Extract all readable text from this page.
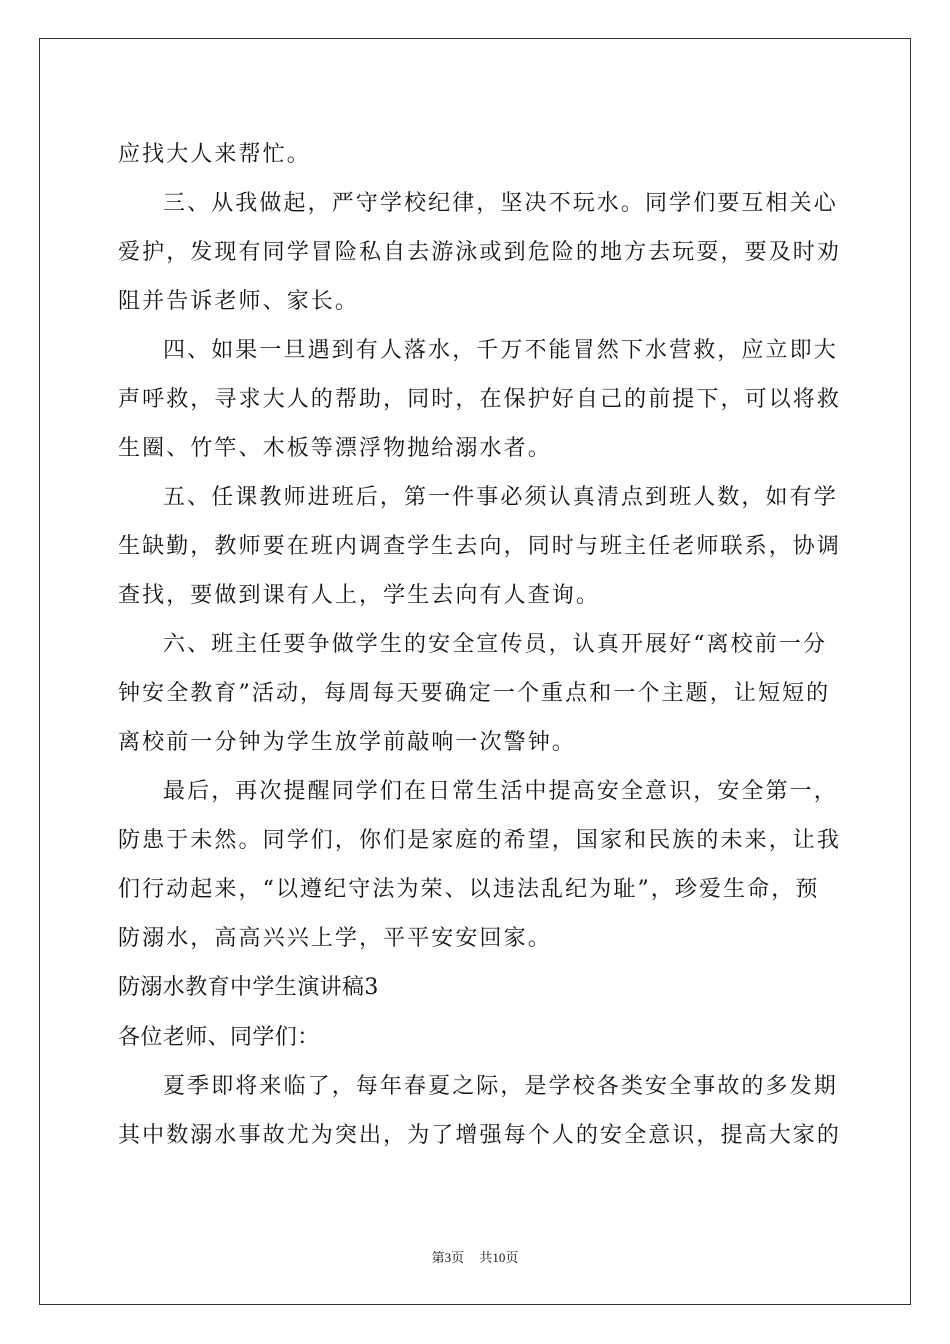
应找大人来帮忙。
三、从我做起，严守学校纪律，坚决不玩水。同学们要互相关心
爱护，发现有同学冒险私自去游泳或到危险的地方去玩耍，要及时劝
阻并告诉老师、家长。
四、如果一旦遇到有人落水，千万不能冒然下水营救，应立即大
声呼救，寻求大人的帮助，同时，在保护好自己的前提下，可以将救
生圈、竹竿、木板等漂浮物抛给溺水者。
五、任课教师进班后，第一件事必须认真清点到班人数，如有学
生缺勤，教师要在班内调查学生去向，同时与班主任老师联系，协调
查找，要做到课有人上，学生去向有人查询。
六、班主任要争做学生的安全宣传员，认真开展好“离校前一分
钟安全教育”活动，每周每天要确定一个重点和一个主题，让短短的
离校前一分钟为学生放学前敲响一次警钟。
最后，再次提醒同学们在日常生活中提高安全意识，安全第一，
防患于未然。同学们，你们是家庭的希望，国家和民族的未来，让我
们行动起来，“以遵纪守法为荣、以违法乱纪为耻”，珍爱生命，预
防溺水，高高兴兴上学，平平安安回家。
防溺水教育中学生演讲稿3
各位老师、同学们：
夏季即将来临了，每年春夏之际，是学校各类安全事故的多发期
其中数溺水事故尤为突出，为了增强每个人的安全意识，提高大家的
第3页 共10页
